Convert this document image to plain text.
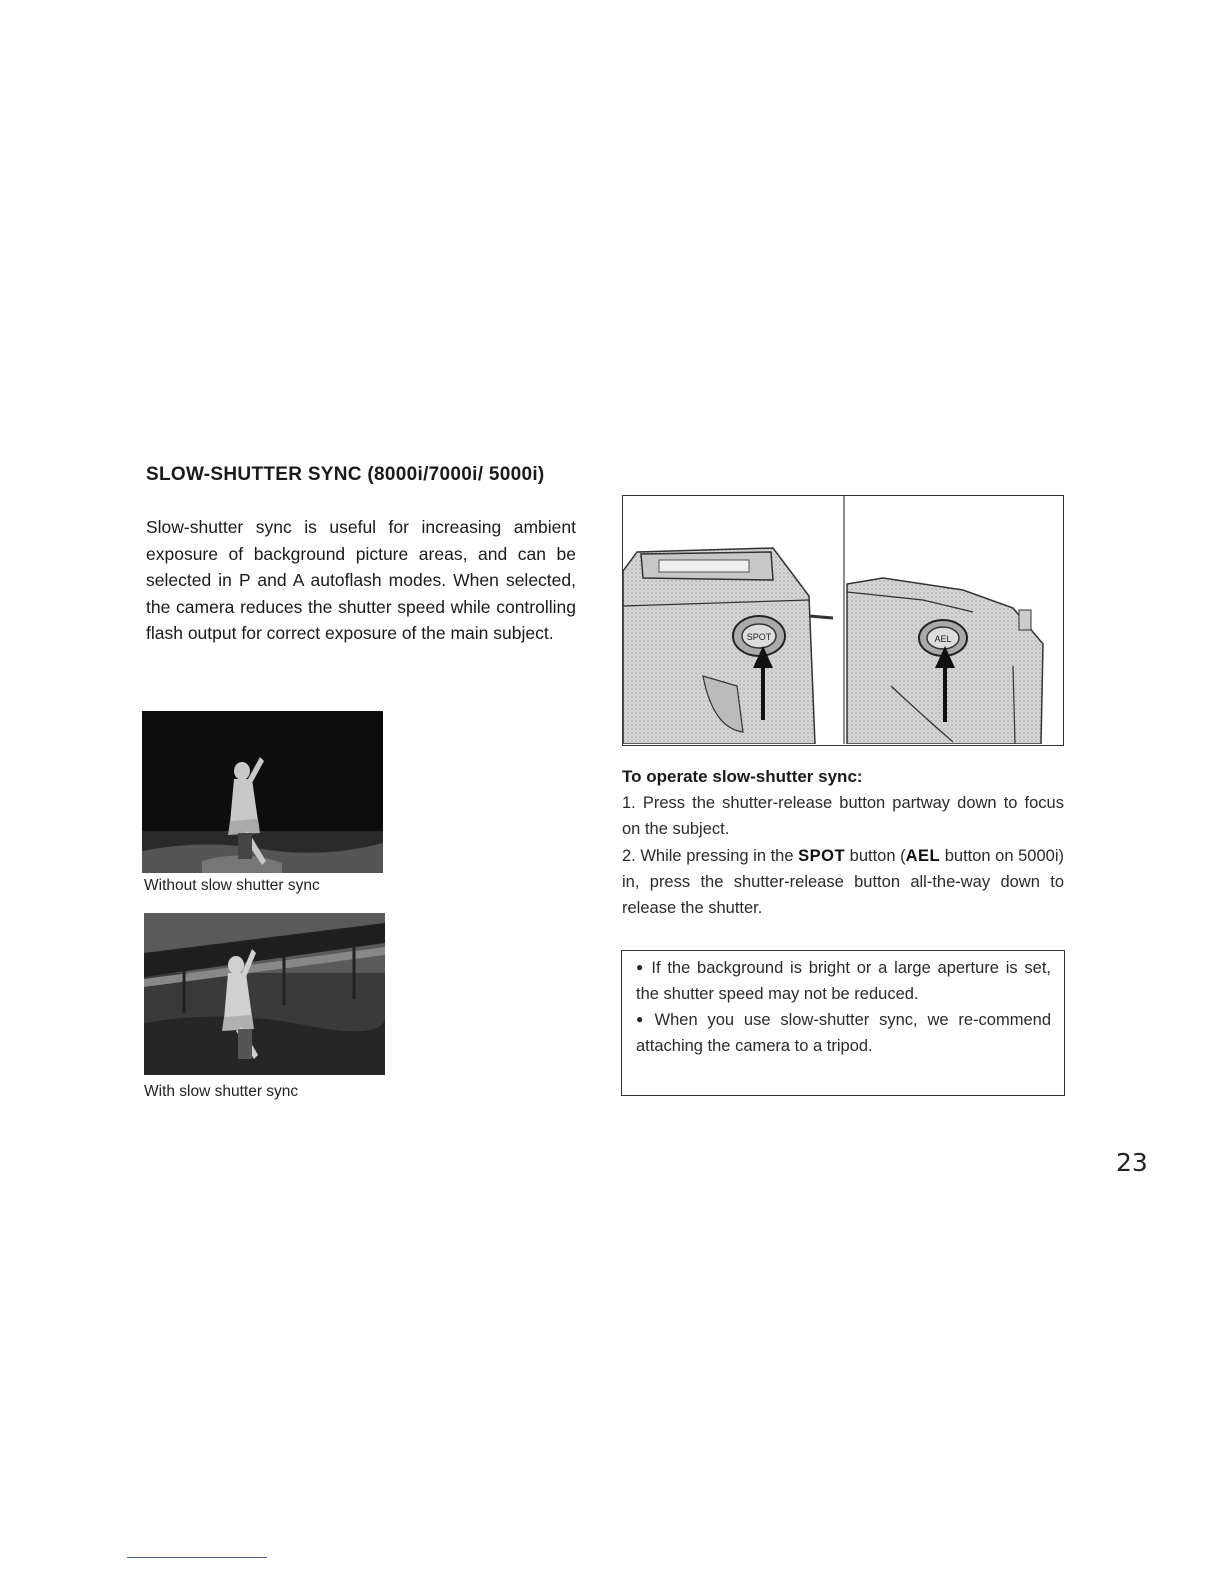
SLOW-SHUTTER SYNC (8000i/7000i/ 5000i)
Slow-shutter sync is useful for increasing ambient exposure of background picture areas, and can be selected in P and A autoflash modes. When selected, the camera reduces the shutter speed while controlling flash output for correct exposure of the main subject.
Without slow shutter sync
With slow shutter sync
SPOT	AEL
To operate slow-shutter sync:
1. Press the shutter-release button partway down to focus on the subject.
2. While pressing in the SPOT button (AEL button on 5000i) in, press the shutter-release button all-the-way down to release the shutter.
● If the background is bright or a large aperture is set, the shutter speed may not be reduced.
● When you use slow-shutter sync, we re-commend attaching the camera to a tripod.
23
